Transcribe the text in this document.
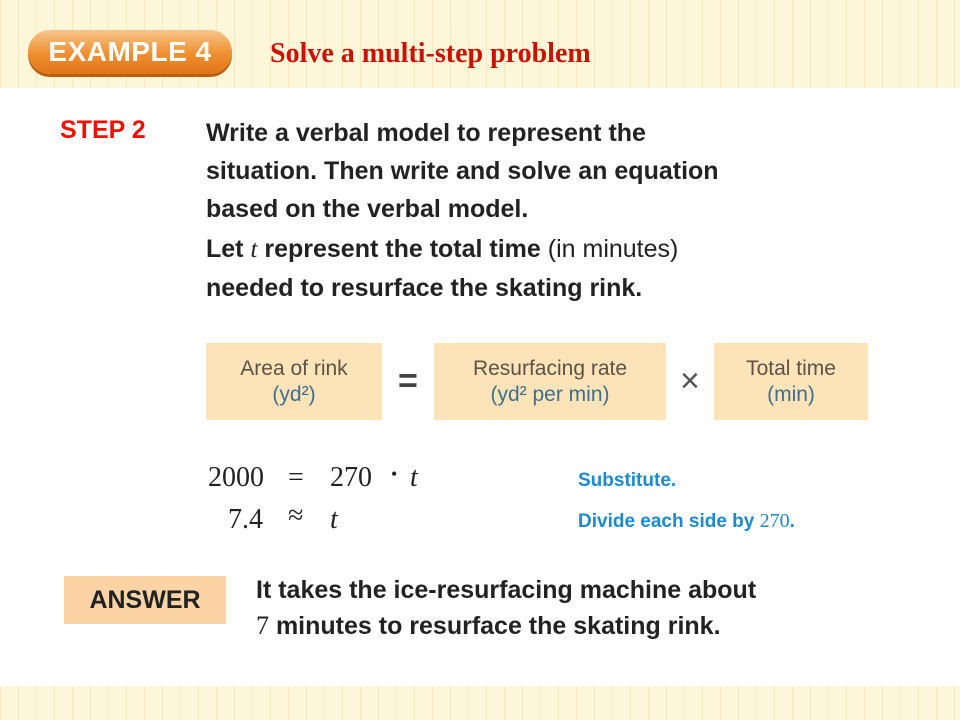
EXAMPLE 4	Solve a multi-step problem
STEP 2 Write a verbal model to represent the
situation. Then write and solve an equation
based on the verbal model.
Let t represent the total time (in minutes)
needed to resurface the skating rink.
Area of rink
(yd²) =	Resurfacing rate
(yd² per min) × Total time
(min)
2000 = 270 • t	Substitute.
7.4 ≈ t	Divide each side by 270.
ANSWER	It takes the ice-resurfacing machine about
7 minutes to resurface the skating rink.
